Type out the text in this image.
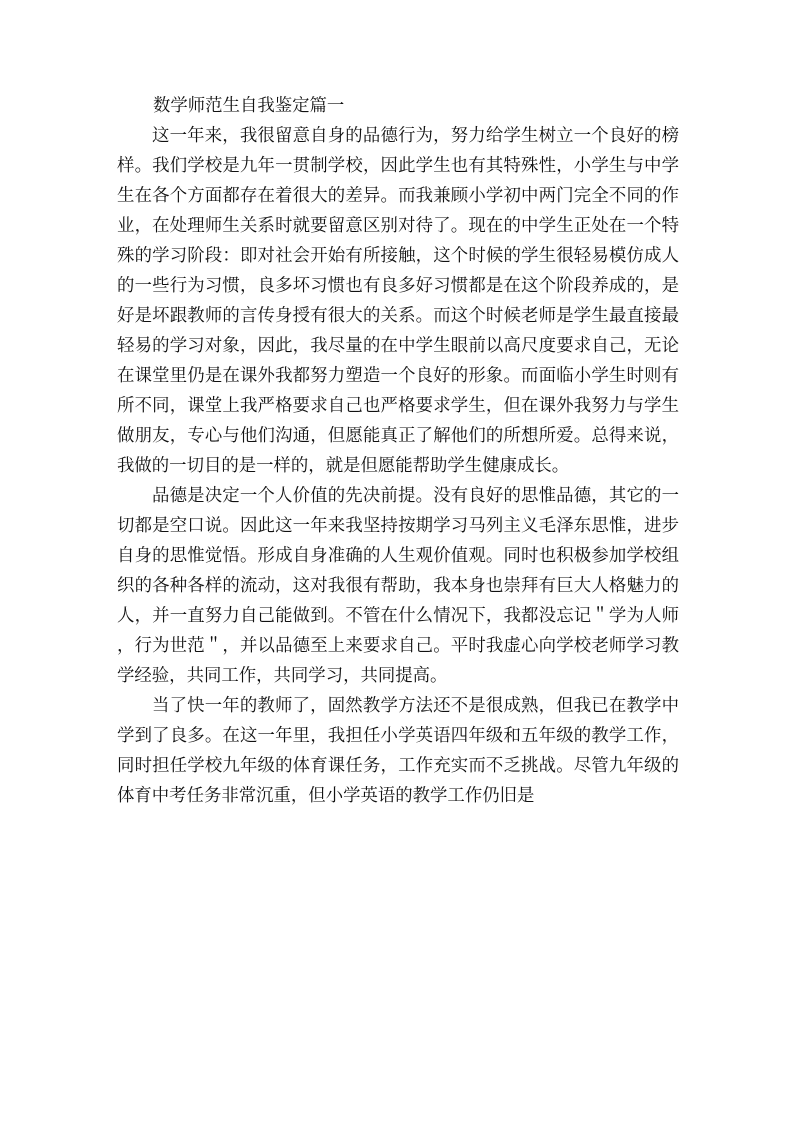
数学师范生自我鉴定篇一

这一年来，我很留意自身的品德行为，努力给学生树立一个良好的榜样。我们学校是九年一贯制学校，因此学生也有其特殊性，小学生与中学生在各个方面都存在着很大的差异。而我兼顾小学初中两门完全不同的作业，在处理师生关系时就要留意区别对待了。现在的中学生正处在一个特殊的学习阶段：即对社会开始有所接触，这个时候的学生很轻易模仿成人的一些行为习惯，良多坏习惯也有良多好习惯都是在这个阶段养成的，是好是坏跟教师的言传身授有很大的关系。而这个时候老师是学生最直接最轻易的学习对象，因此，我尽量的在中学生眼前以高尺度要求自己，无论在课堂里仍是在课外我都努力塑造一个良好的形象。而面临小学生时则有所不同，课堂上我严格要求自己也严格要求学生，但在课外我努力与学生做朋友，专心与他们沟通，但愿能真正了解他们的所想所爱。总得来说，我做的一切目的是一样的，就是但愿能帮助学生健康成长。

品德是决定一个人价值的先决前提。没有良好的思惟品德，其它的一切都是空口说。因此这一年来我坚持按期学习马列主义毛泽东思惟，进步自身的思惟觉悟。形成自身准确的人生观价值观。同时也积极参加学校组织的各种各样的流动，这对我很有帮助，我本身也崇拜有巨大人格魅力的人，并一直努力自己能做到。不管在什么情况下，我都没忘记＂学为人师，行为世范＂，并以品德至上来要求自己。平时我虚心向学校老师学习教学经验，共同工作，共同学习，共同提高。

当了快一年的教师了，固然教学方法还不是很成熟，但我已在教学中学到了良多。在这一年里，我担任小学英语四年级和五年级的教学工作，同时担任学校九年级的体育课任务，工作充实而不乏挑战。尽管九年级的体育中考任务非常沉重，但小学英语的教学工作仍旧是
